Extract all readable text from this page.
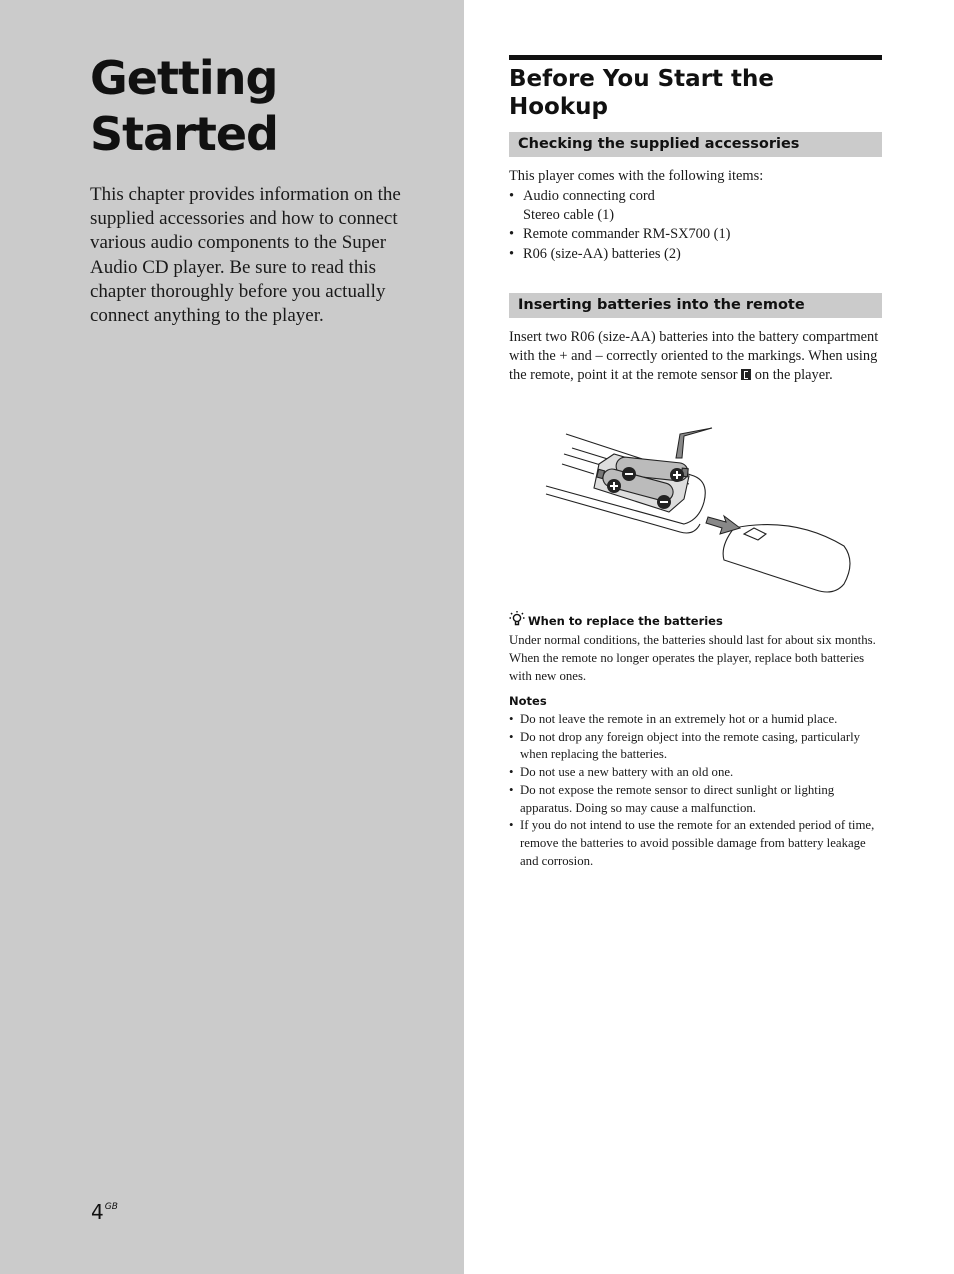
Getting
Started

This chapter provides information on the supplied accessories and how to connect various audio components to the Super Audio CD player. Be sure to read this chapter thoroughly before you actually connect anything to the player.

$4^{GB}$
Before You Start the
Hookup
Checking the supplied accessories

This player comes with the following items:

• Audio connecting cord
Stereo cable (1)
• Remote commander RM-SX700 (1)
• R06 (size-AA) batteries (2)
Inserting batteries into the remote

Insert two R06 (size-AA) batteries into the battery compartment with the + and – correctly oriented to the markings. When using the remote, point it at the remote sensor  on the player.

When to replace the batteries

Under normal conditions, the batteries should last for about six months. When the remote no longer operates the player, replace both batteries with new ones.

Notes
• Do not leave the remote in an extremely hot or a humid place.
• Do not drop any foreign object into the remote casing, particularly when replacing the batteries.
• Do not use a new battery with an old one.
• Do not expose the remote sensor to direct sunlight or lighting apparatus. Doing so may cause a malfunction.
• If you do not intend to use the remote for an extended period of time, remove the batteries to avoid possible damage from battery leakage and corrosion.
